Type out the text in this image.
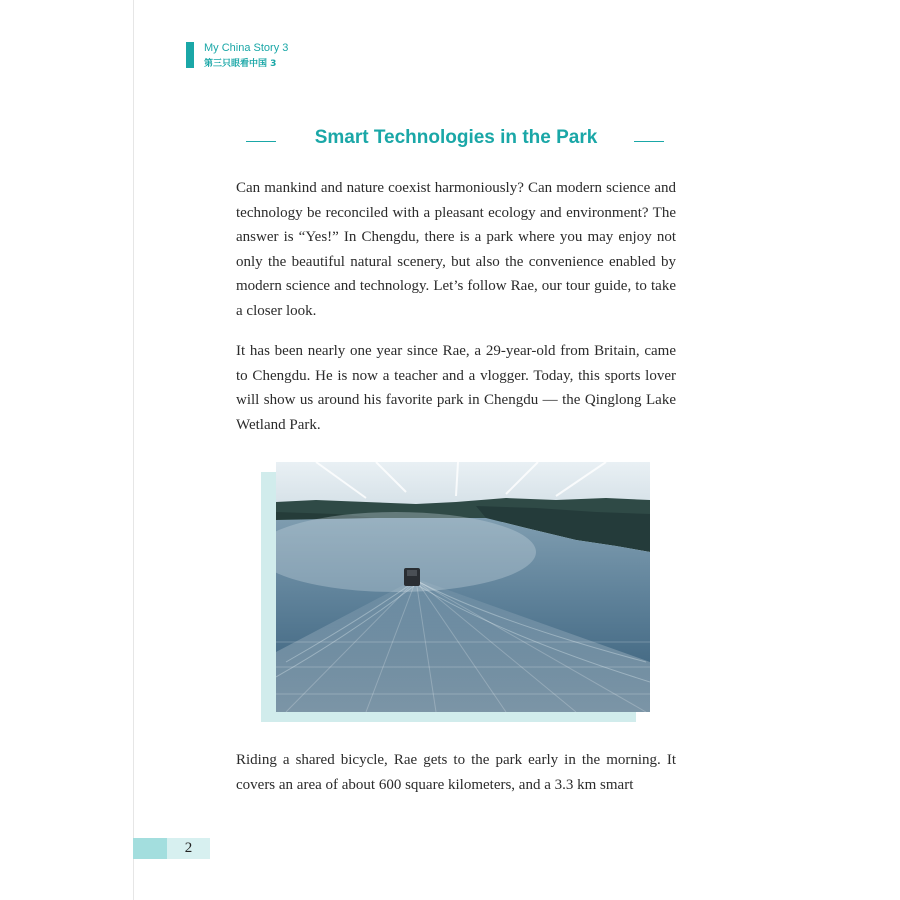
My China Story 3
第三只眼看中国 3
Smart Technologies in the Park

Can mankind and nature coexist harmoniously? Can modern science and technology be reconciled with a pleasant ecology and environment? The answer is “Yes!” In Chengdu, there is a park where you may enjoy not only the beautiful natural scenery, but also the convenience enabled by modern science and technology. Let’s follow Rae, our tour guide, to take a closer look.

It has been nearly one year since Rae, a 29-year-old from Britain, came to Chengdu. He is now a teacher and a vlogger. Today, this sports lover will show us around his favorite park in Chengdu — the Qinglong Lake Wetland Park.

Riding a shared bicycle, Rae gets to the park early in the morning. It covers an area of about 600 square kilometers, and a 3.3 km smart

2
